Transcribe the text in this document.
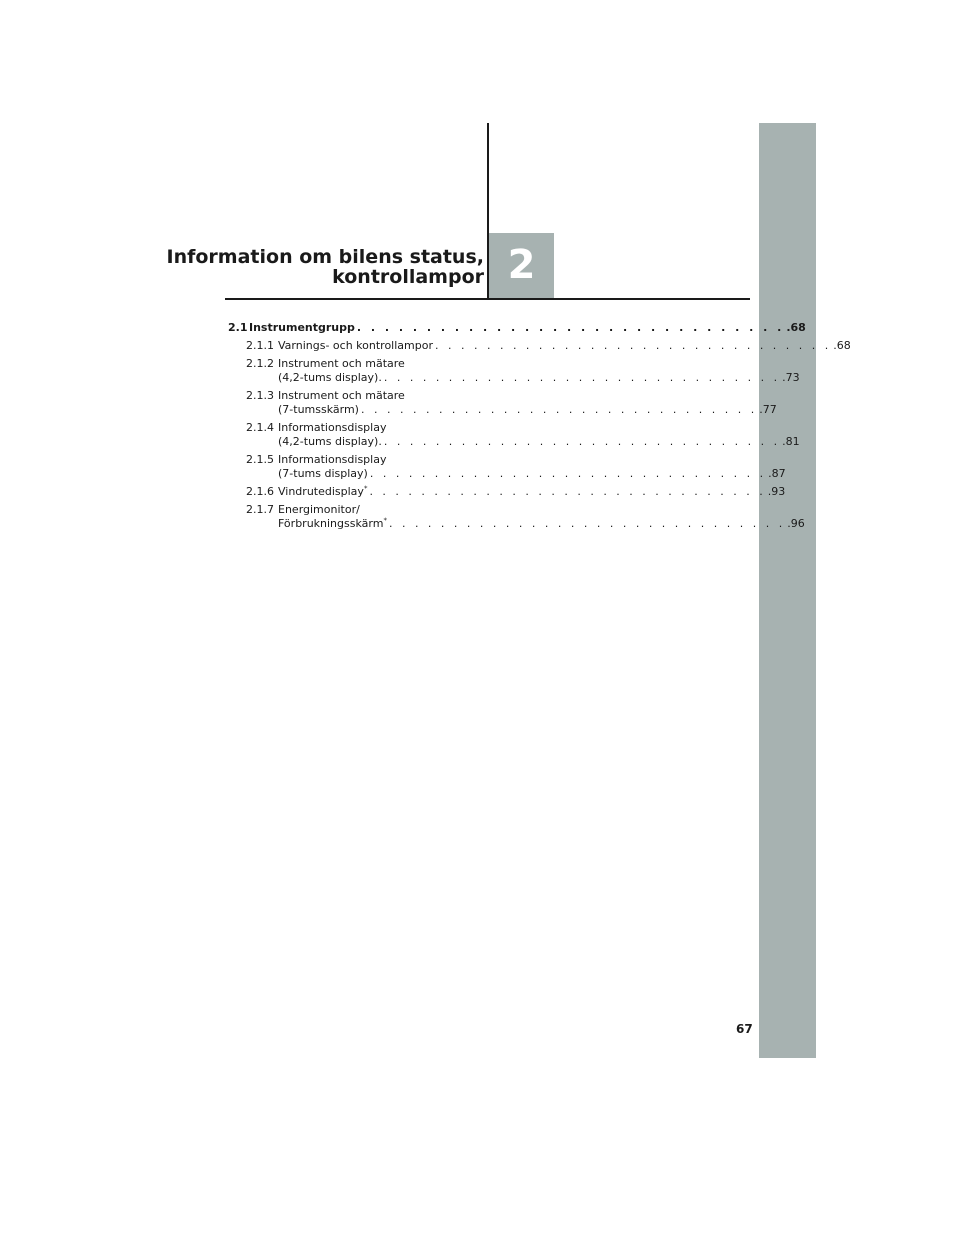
Information om bilens status,
kontrollampor 2
2.1 Instrumentgrupp . . . . . . . . . . . . . . . . . . . . . . . . . . . . . . . .68
2.1.1 Varnings- och kontrollampor . . . . . . . . . . . . . . . . . . . . . . . . . . . . . . . .68
2.1.2 Instrument och mätare
(4,2-tums display). . . . . . . . . . . . . . . . . . . . . . . . . . . . . . . . .73
2.1.3 Instrument och mätare
(7-tumsskärm) . . . . . . . . . . . . . . . . . . . . . . . . . . . . . . . .77
2.1.4 Informationsdisplay
(4,2-tums display). . . . . . . . . . . . . . . . . . . . . . . . . . . . . . . . .81
2.1.5 Informationsdisplay
(7-tums display) . . . . . . . . . . . . . . . . . . . . . . . . . . . . . . . .87
2.1.6 Vindrutedisplay* . . . . . . . . . . . . . . . . . . . . . . . . . . . . . . . .93
2.1.7 Energimonitor/
Förbrukningsskärm* . . . . . . . . . . . . . . . . . . . . . . . . . . . . . . . .96
67
